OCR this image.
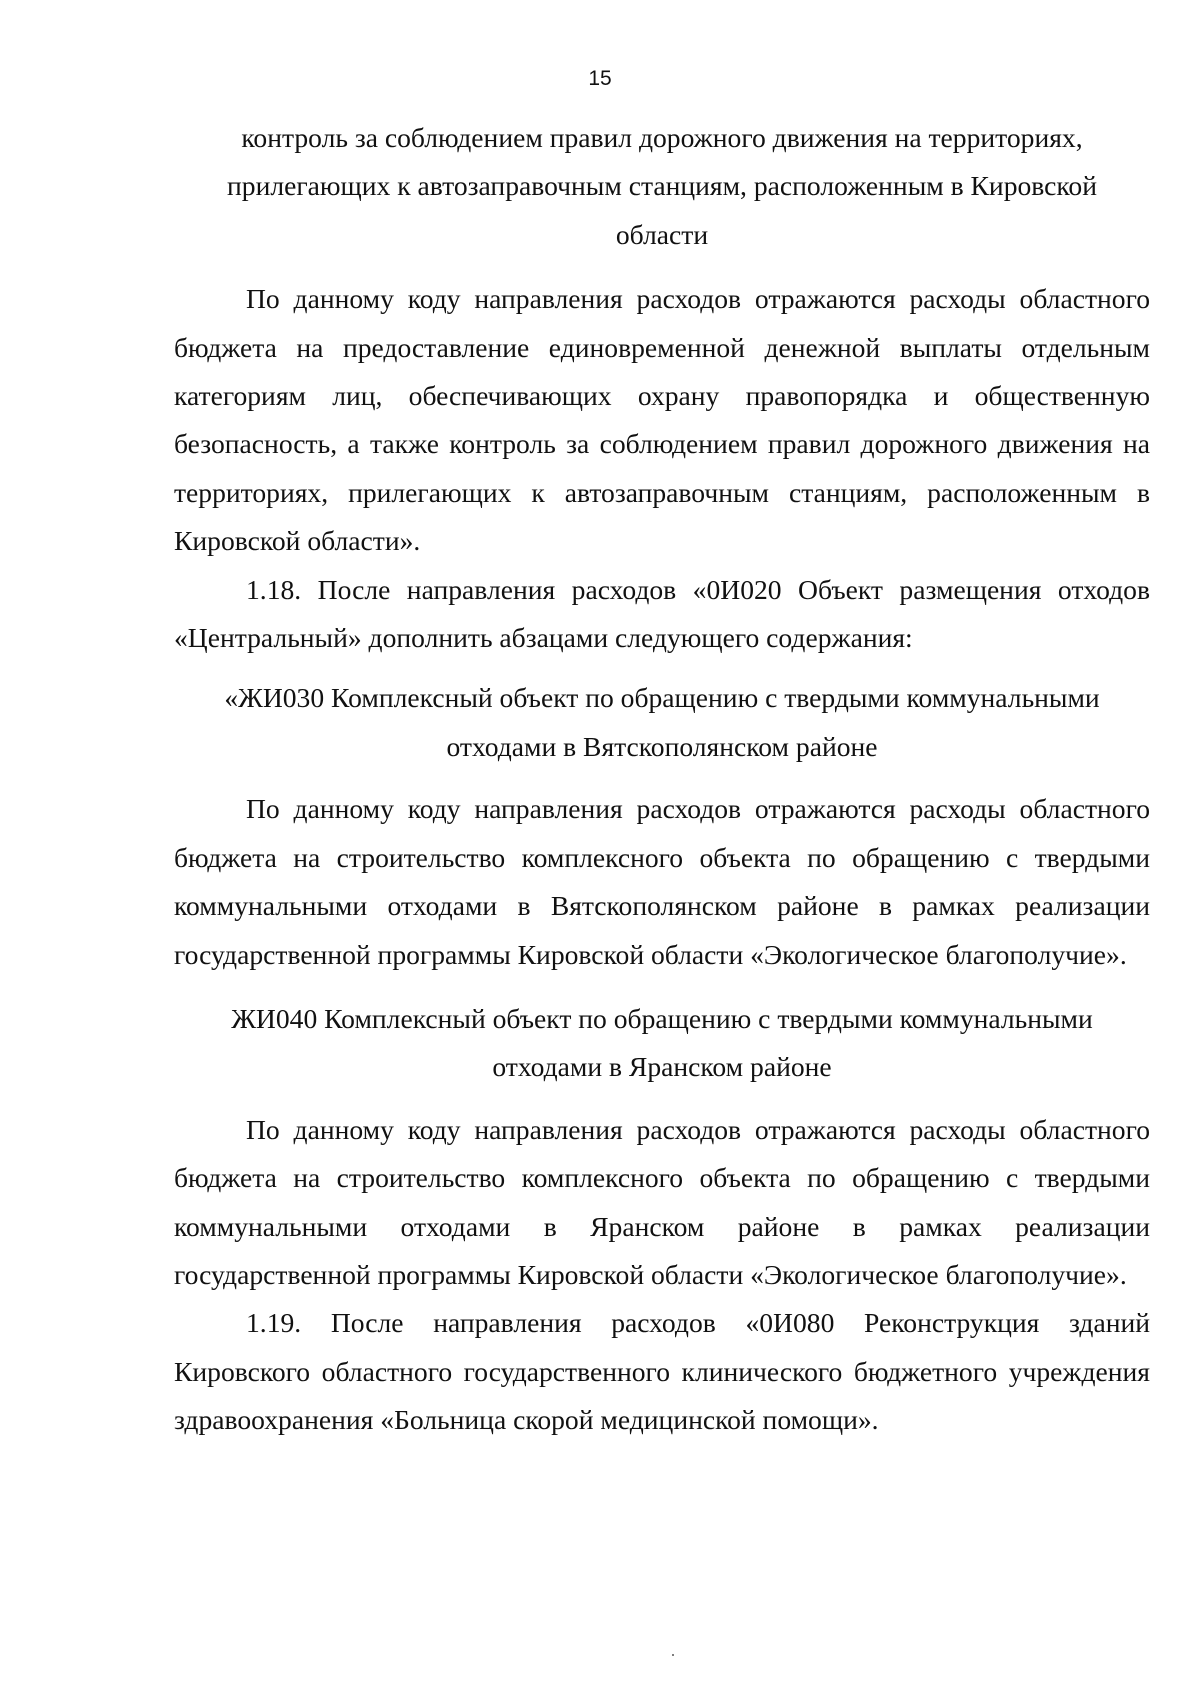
15

контроль за соблюдением правил дорожного движения на территориях,

прилегающих к автозаправочным станциям, расположенным в Кировской

области

По данному коду направления расходов отражаются расходы областного бюджета на предоставление единовременной денежной выплаты отдельным категориям лиц, обеспечивающих охрану правопорядка и общественную безопасность, а также контроль за соблюдением правил дорожного движения на территориях, прилегающих к автозаправочным станциям, расположенным в Кировской области».

1.18. После направления расходов «0И020 Объект размещения отходов «Центральный» дополнить абзацами следующего содержания:

«ЖИ030 Комплексный объект по обращению с твердыми коммунальными

отходами в Вятскополянском районе

По данному коду направления расходов отражаются расходы областного бюджета на строительство комплексного объекта по обращению с твердыми коммунальными отходами в Вятскополянском районе в рамках реализации государственной программы Кировской области «Экологическое благополучие».

ЖИ040 Комплексный объект по обращению с твердыми коммунальными

отходами в Яранском районе

По данному коду направления расходов отражаются расходы областного бюджета на строительство комплексного объекта по обращению с твердыми коммунальными отходами в Яранском районе в рамках реализации государственной программы Кировской области «Экологическое благополучие».

1.19. После направления расходов «0И080 Реконструкция зданий Кировского областного государственного клинического бюджетного учреждения здравоохранения «Больница скорой медицинской помощи».
